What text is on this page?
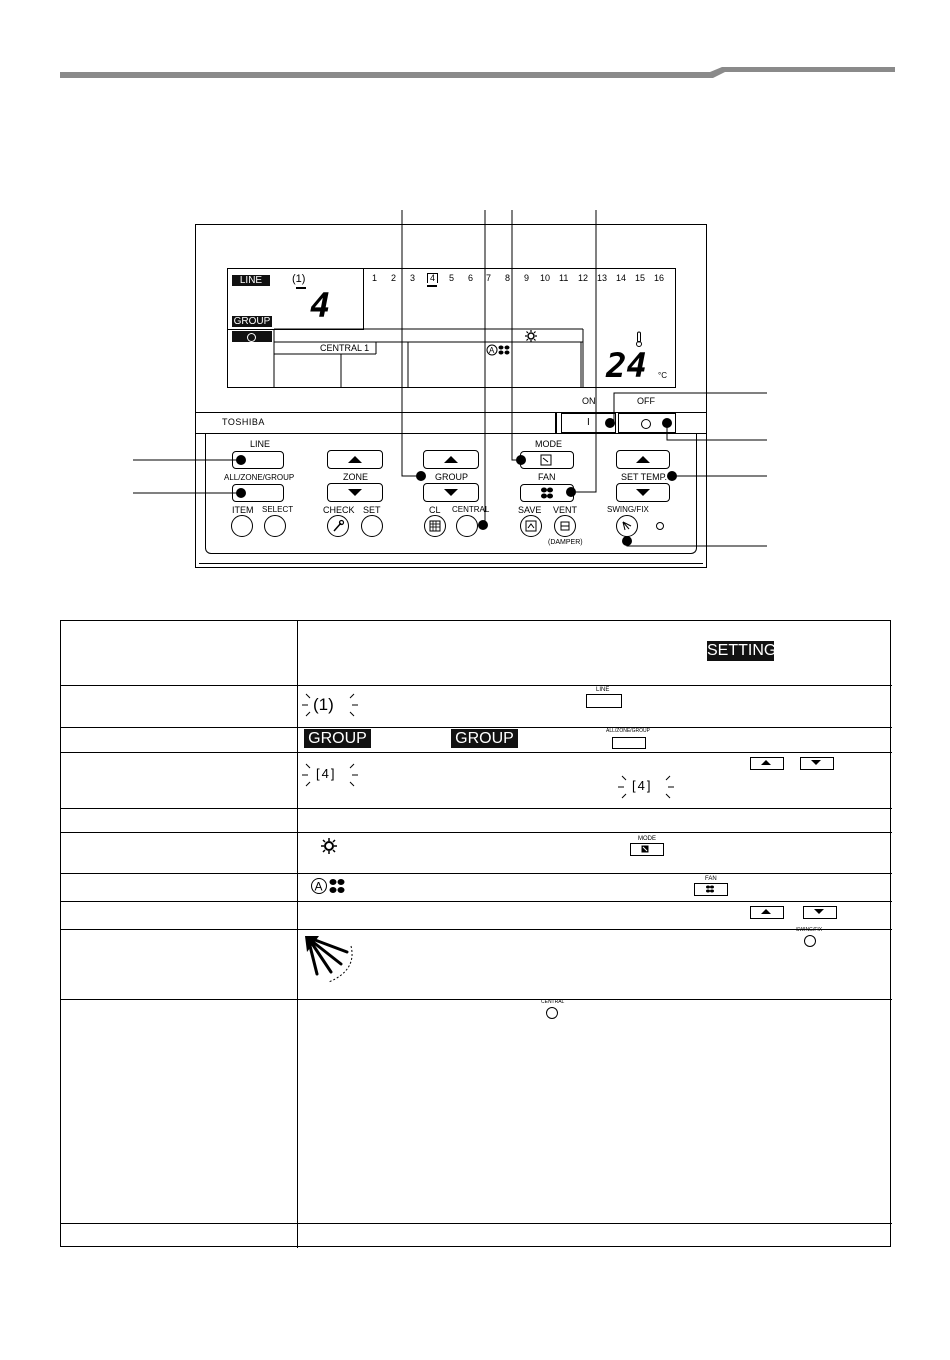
LINE	(1)
4
GROUP
1 2 3	4	5 6 7 8 9 10 11 12 13 14 15 16
CENTRAL 1	A	24 °C
ON	OFF
TOSHIBA	I
LINE
ALL/ZONE/GROUP
ITEM SELECT
ZONE
CHECK SET
GROUP
CL CENTRAL
MODE
FAN
SAVE VENT
(DAMPER)
SET TEMP.
SWING/FIX
SETTING
(1)
LINE
GROUP	GROUP	ALL/ZONE/GROUP
[4]
[4]
MODE
A
FAN
SWING/FIX
CENTRAL
